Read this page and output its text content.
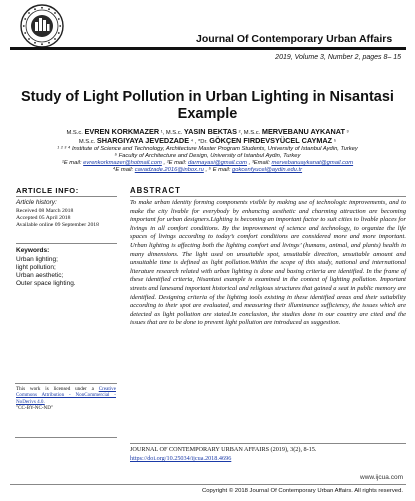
Journal Of Contemporary Urban Affairs
2019, Volume 3, Number 2, pages 8– 15
Study of Light Pollution in Urban Lighting in Nisantasi Example
M.S.c. EVREN KORKMAZER ¹, M.S.c. YASIN BEKTAS ², M.S.c. MERVEBANU AYKANAT ³
M.S.c. SHARGIYAYA JEVEDZADE ⁴ , *Dr. GÖKÇEN FIRDEVSYÜCEL CAYMAZ ⁵
¹ ² ³ ⁴ Institute of Science and Technology, Architecture Master Program Students, University of Istanbul Aydin, Turkey
⁵ Faculty of Architecture and Design, University of Istanbul Aydin, Turkey
¹E mail: evrenkorkmazer@hotmail.com , ²E mail: darmayasi@gmail.com , ³Email: mervebanuaykanat@gmail.com
⁴E mail: cavadzade.2016@inbox.ru , ⁵ E mail: gokcenfyucel@aydin.edu.tr
ARTICLE INFO:
Article history:
Received 08 March 2018
Accepted 05 April 2018
Available online 09 September 2018
Keywords:
Urban lighting;
light pollution;
Urban aesthetic;
Outer space lighting.
This work is licensed under a Creative Commons Attribution - NonCommercial - NoDerivs 4.0.
"CC-BY-NC-ND"
ABSTRACT
To make urban identity forming components visible by making use of technologic improvements, and to make the city livable for everybody by enhancing aesthetic and charming attraction are becoming important for urban designers.Lighting is becoming an important factor to suit cities to livable places for livings in all comfort conditions. By the improvement of science and technology, to organize the life spaces of livings according to today’s comfort conditions are considered more and more important. Urban lighting is affecting both the lighting comfort and livings’ (humans, animal, and plants) health in many dimensions. The light used on unsuitable spot, unsuitable direction, unsuitable amount and unsuitable time is defined as light pollution.Within the scope of this study, national and international literature research related with urban lighting is done and basing criteria are identified. In the frame of these identified criteria, Nisantasi example is examined in the context of lighting pollution. Important streets and lanesand important historical and religious structures that gained a seat in public memory are identified. Designing criteria of the lighting tools existing in these identified areas and their suitability according to their spot are evaluated, and measuring their illuminance sufficiency, the issues which are detected as light pollution are stated.In conclusion, the studies done in our country are cited and the issues that are to be done to prevent light pollution are introduced as suggestion.
JOURNAL OF CONTEMPORARY URBAN AFFAIRS (2019), 3(2), 8-15.
https://doi.org/10.25034/ijcua.2018.4696
www.ijcua.com
Copyright © 2018 Journal Of Contemporary Urban Affairs. All rights reserved.
